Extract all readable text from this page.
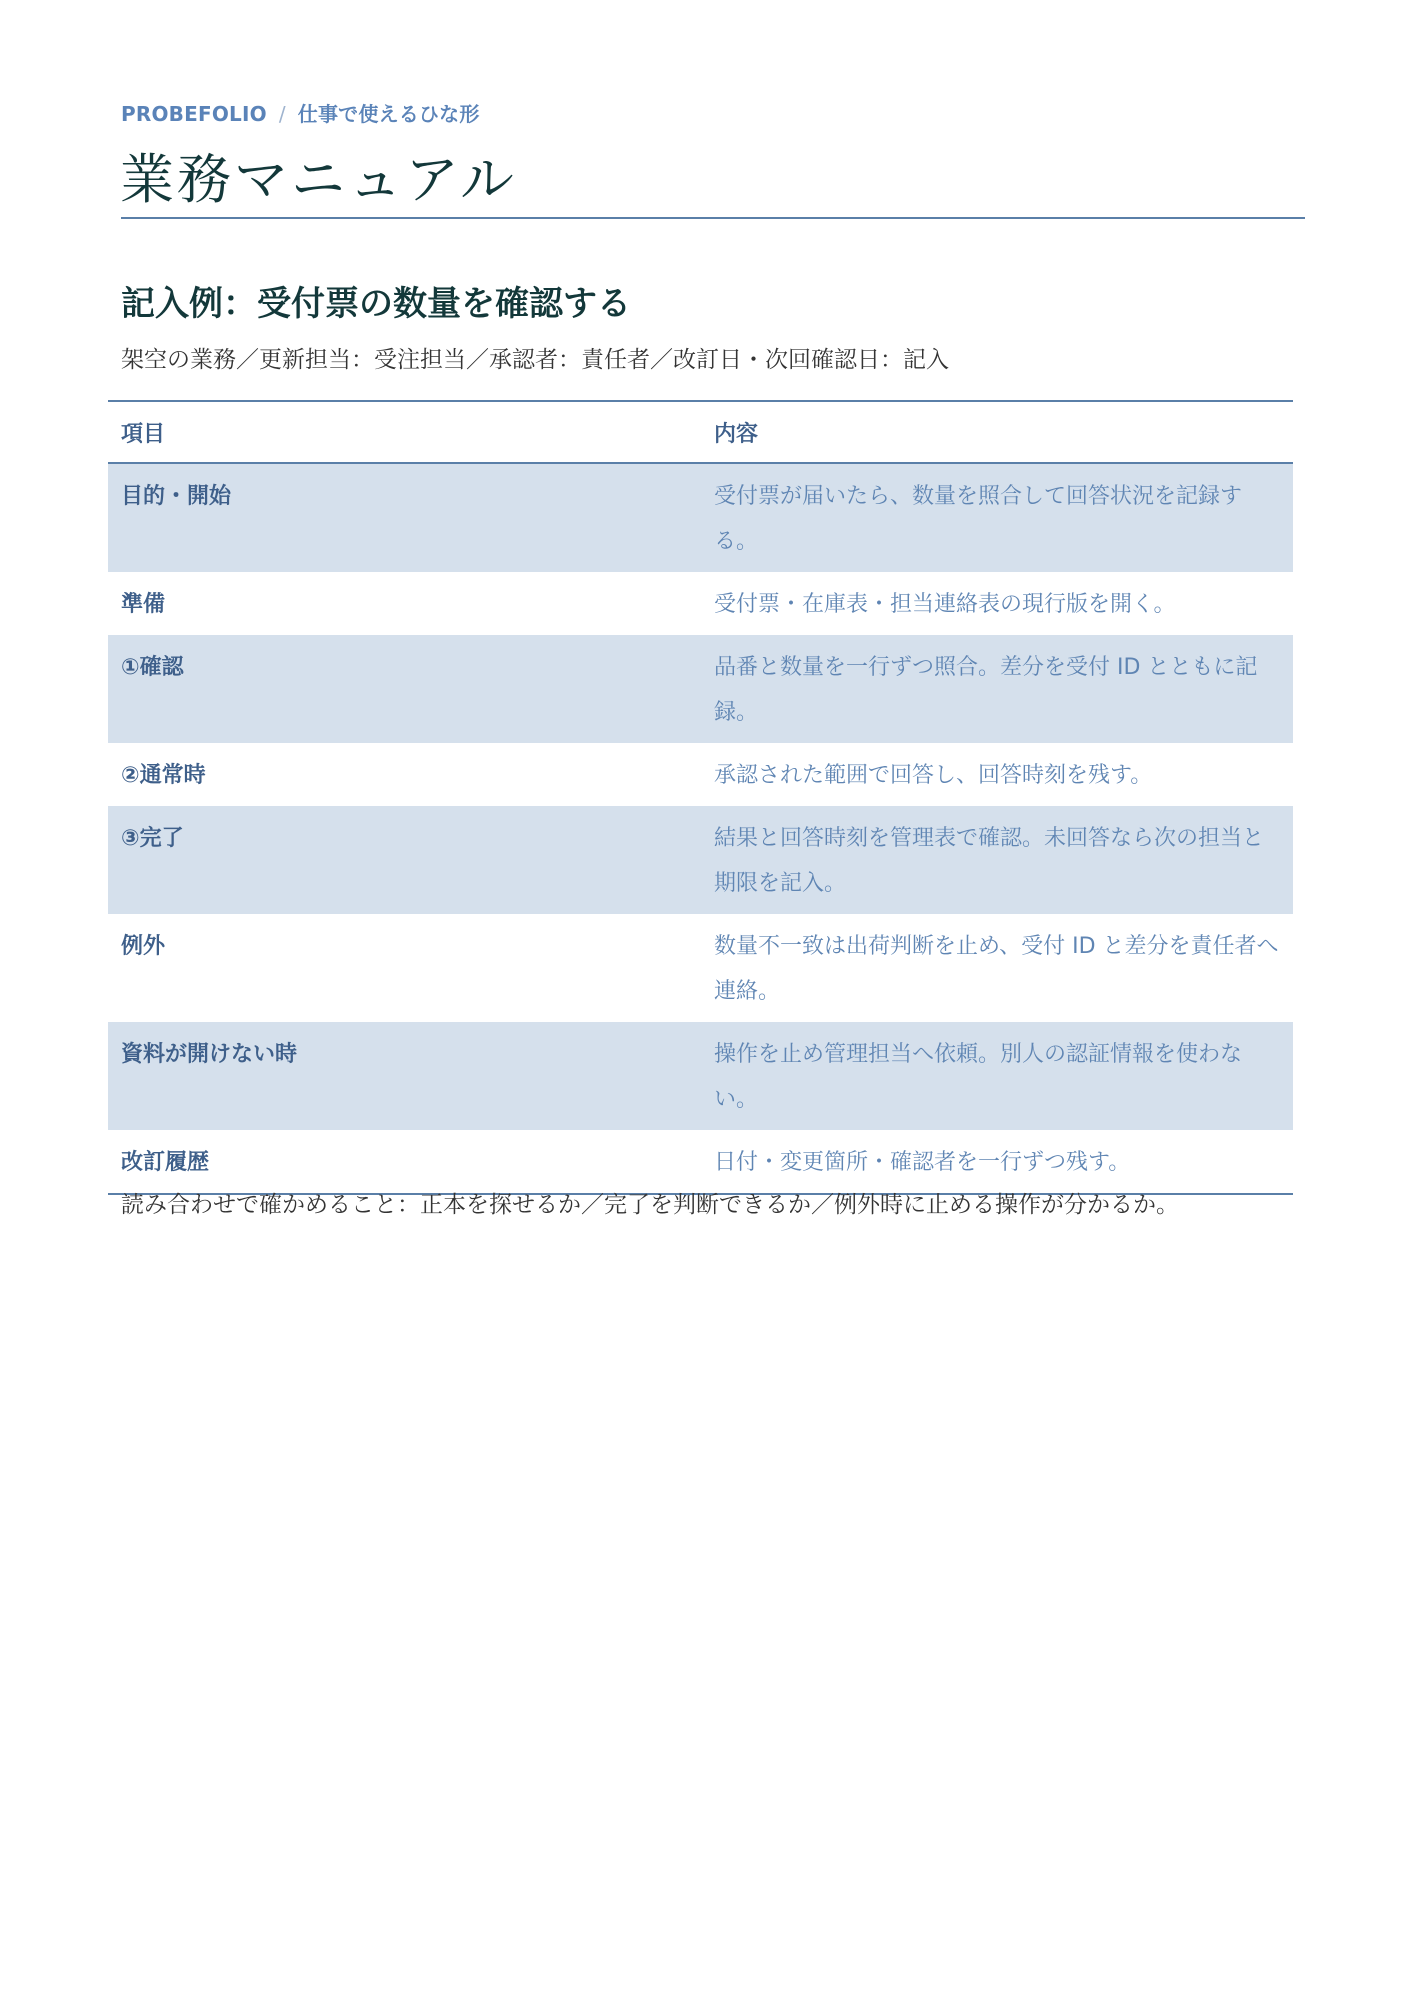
PROBEFOLIO / 仕事で使えるひな形
業務マニュアル
記入例：受付票の数量を確認する
架空の業務／更新担当：受注担当／承認者：責任者／改訂日・次回確認日：記入
項目	内容
目的・開始	受付票が届いたら、数量を照合して回答状況を記録する。
準備	受付票・在庫表・担当連絡表の現行版を開く。
①確認	品番と数量を一行ずつ照合。差分を受付 ID とともに記録。
②通常時	承認された範囲で回答し、回答時刻を残す。
③完了	結果と回答時刻を管理表で確認。未回答なら次の担当と期限を記入。
例外	数量不一致は出荷判断を止め、受付 ID と差分を責任者へ連絡。
資料が開けない時	操作を止め管理担当へ依頼。別人の認証情報を使わない。
改訂履歴	日付・変更箇所・確認者を一行ずつ残す。
読み合わせで確かめること：正本を探せるか／完了を判断できるか／例外時に止める操作が分かるか。
